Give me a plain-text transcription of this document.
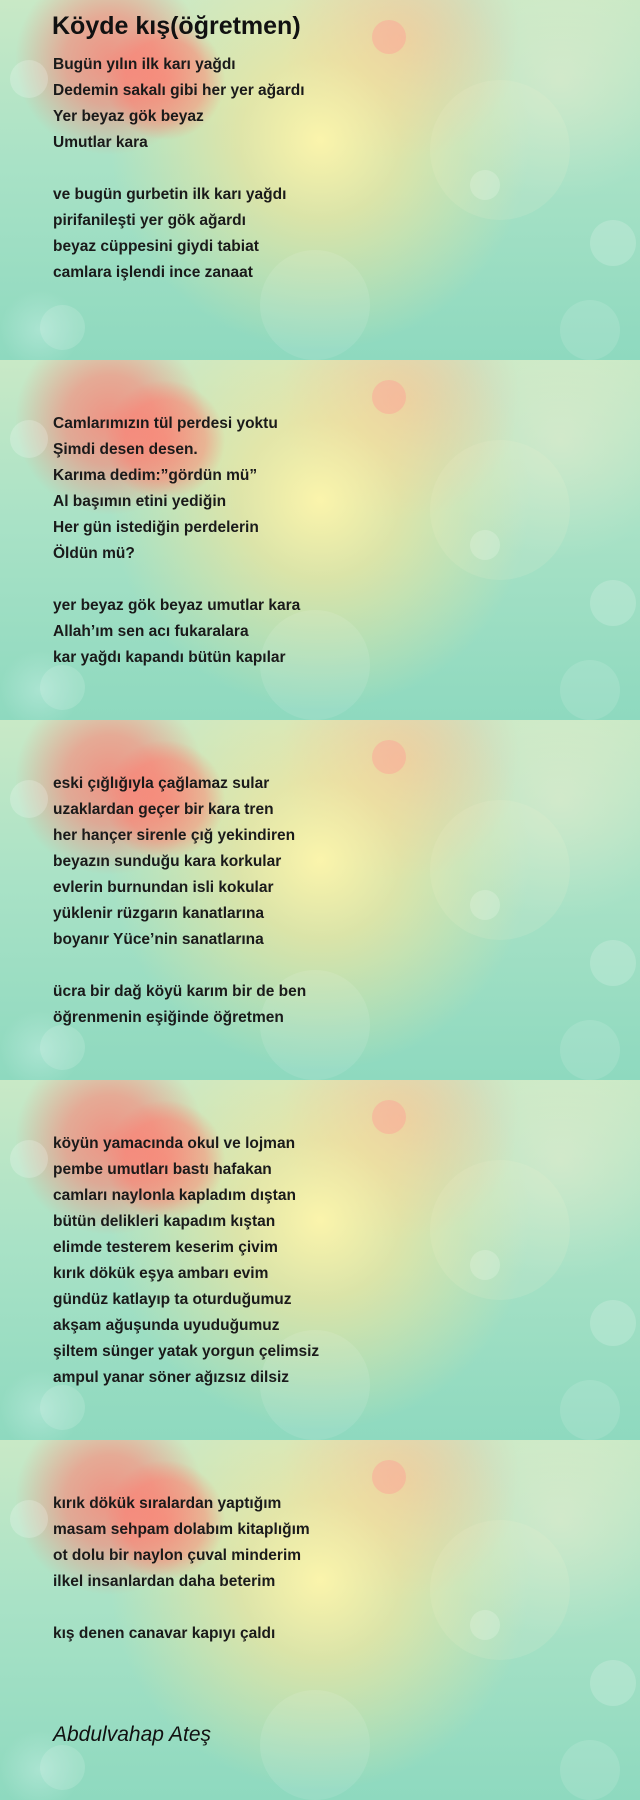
Köyde kış(öğretmen)
Bugün yılın ilk karı yağdı
Dedemin sakalı gibi her yer ağardı
Yer beyaz gök beyaz
Umutlar kara
ve bugün gurbetin ilk karı yağdı
pirifanileşti yer gök ağardı
beyaz cüppesini giydi tabiat
camlara işlendi ince zanaat
Camlarımızın tül perdesi yoktu
Şimdi desen desen.
Karıma dedim:”gördün mü”
Al başımın etini yediğin
Her gün istediğin perdelerin
Öldün mü?
yer beyaz gök beyaz umutlar kara
Allah’ım sen acı fukaralara
kar yağdı kapandı bütün kapılar
eski çığlığıyla çağlamaz sular
uzaklardan geçer bir kara tren
her hançer sirenle çığ yekindiren
beyazın sunduğu kara korkular
evlerin burnundan isli kokular
yüklenir rüzgarın kanatlarına
boyanır Yüce’nin sanatlarına
ücra bir dağ köyü karım bir de ben
öğrenmenin eşiğinde öğretmen
köyün yamacında okul ve lojman
pembe umutları bastı hafakan
camları naylonla kapladım dıştan
bütün delikleri kapadım kıştan
elimde testerem keserim çivim
kırık dökük eşya ambarı evim
gündüz katlayıp ta oturduğumuz
akşam ağuşunda uyuduğumuz
şiltem sünger yatak yorgun çelimsiz
ampul yanar söner ağızsız dilsiz
kırık dökük sıralardan yaptığım
masam sehpam dolabım kitaplığım
ot dolu bir naylon çuval minderim
ilkel insanlardan daha beterim
kış denen canavar kapıyı çaldı

Abdulvahap Ateş
